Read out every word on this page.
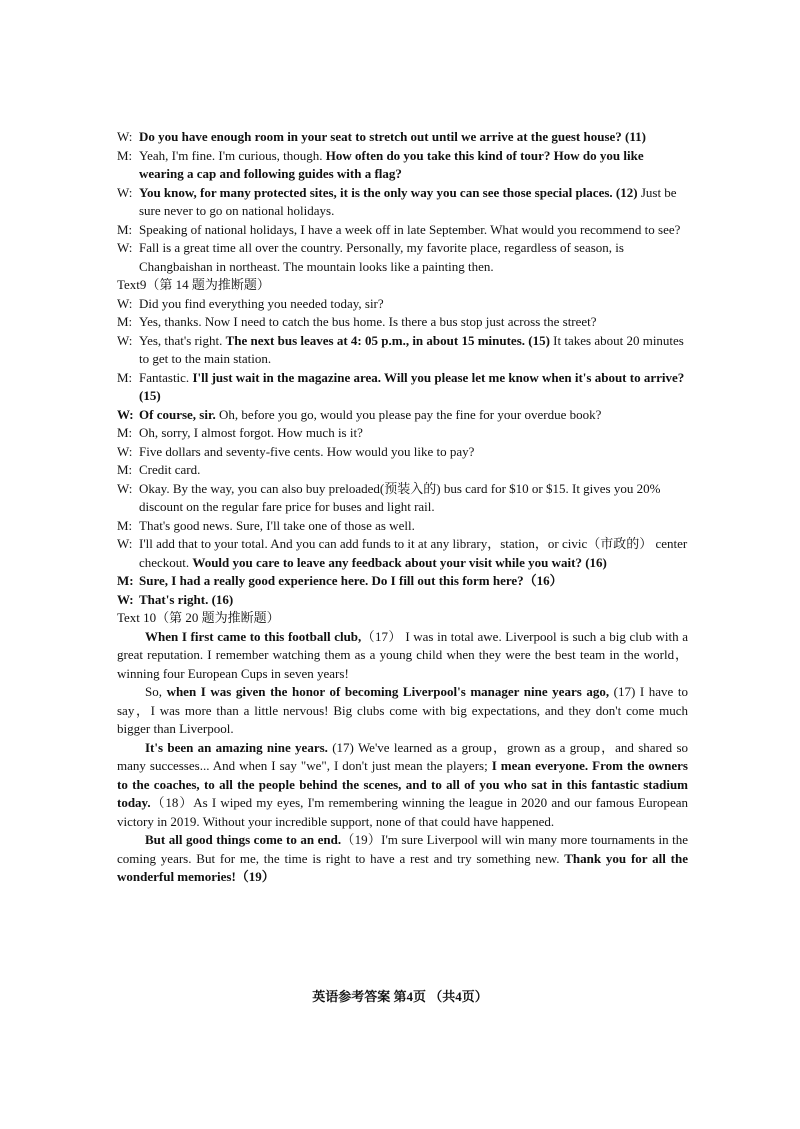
W: Do you have enough room in your seat to stretch out until we arrive at the guest house? (11)
M: Yeah, I'm fine. I'm curious, though. How often do you take this kind of tour? How do you like wearing a cap and following guides with a flag?
W: You know, for many protected sites, it is the only way you can see those special places. (12) Just be sure never to go on national holidays.
M: Speaking of national holidays, I have a week off in late September. What would you recommend to see?
W: Fall is a great time all over the country. Personally, my favorite place, regardless of season, is Changbaishan in northeast. The mountain looks like a painting then.
Text9（第 14 题为推断题）
W: Did you find everything you needed today, sir?
M: Yes, thanks. Now I need to catch the bus home. Is there a bus stop just across the street?
W: Yes, that's right. The next bus leaves at 4: 05 p.m., in about 15 minutes. (15) It takes about 20 minutes to get to the main station.
M: Fantastic. I'll just wait in the magazine area. Will you please let me know when it's about to arrive? (15)
W: Of course, sir. Oh, before you go, would you please pay the fine for your overdue book?
M: Oh, sorry, I almost forgot. How much is it?
W: Five dollars and seventy-five cents. How would you like to pay?
M: Credit card.
W: Okay. By the way, you can also buy preloaded(预装入的) bus card for $10 or $15. It gives you 20% discount on the regular fare price for buses and light rail.
M: That's good news. Sure, I'll take one of those as well.
W: I'll add that to your total. And you can add funds to it at any library，station，or civic（市政的） center checkout. Would you care to leave any feedback about your visit while you wait? (16)
M: Sure, I had a really good experience here. Do I fill out this form here?（16）
W: That's right. (16)
Text 10（第 20 题为推断题）
When I first came to this football club,（17） I was in total awe. Liverpool is such a big club with a great reputation. I remember watching them as a young child when they were the best team in the world，winning four European Cups in seven years!
So, when I was given the honor of becoming Liverpool's manager nine years ago, (17) I have to say，I was more than a little nervous! Big clubs come with big expectations, and they don't come much bigger than Liverpool.
It's been an amazing nine years. (17) We've learned as a group，grown as a group，and shared so many successes... And when I say "we", I don't just mean the players; I mean everyone. From the owners to the coaches, to all the people behind the scenes, and to all of you who sat in this fantastic stadium today.（18）As I wiped my eyes, I'm remembering winning the league in 2020 and our famous European victory in 2019. Without your incredible support, none of that could have happened.
But all good things come to an end.（19）I'm sure Liverpool will win many more tournaments in the coming years. But for me, the time is right to have a rest and try something new. Thank you for all the wonderful memories!（19）
英语参考答案 第4页 （共4页）
